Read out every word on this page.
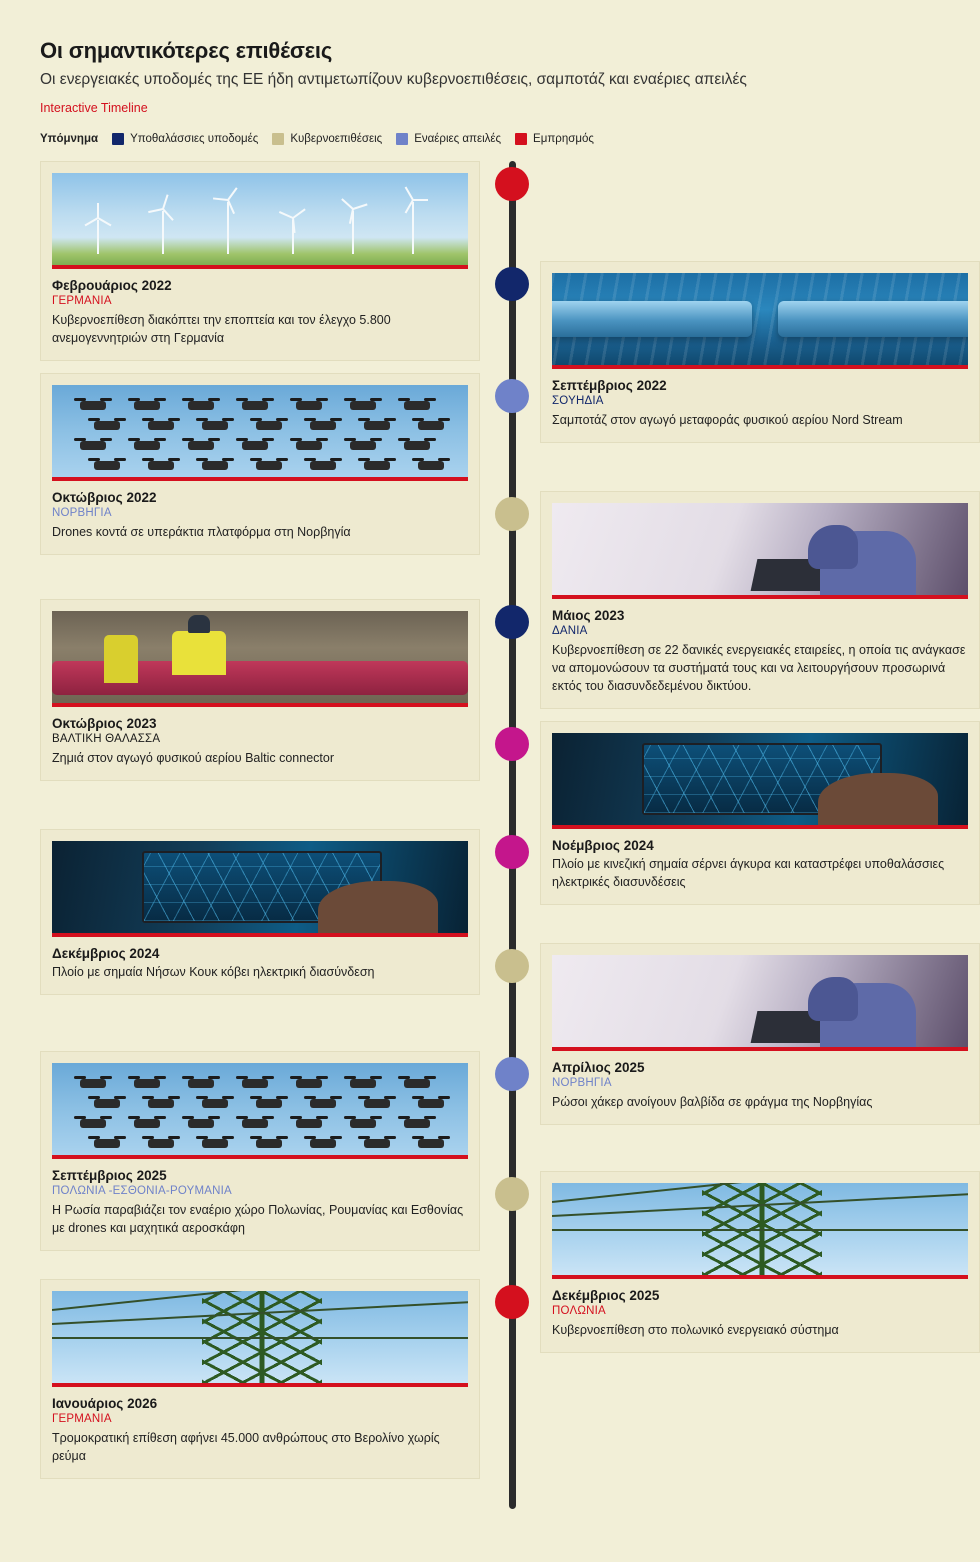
Οι σημαντικότερες επιθέσεις

Οι ενεργειακές υποδομές της ΕΕ ήδη αντιμετωπίζουν κυβερνοεπιθέσεις, σαμποτάζ και εναέριες απειλές

Interactive Timeline

Υπόμνημα	Υποθαλάσσιες υποδομές	Κυβερνοεπιθέσεις	Εναέριες απειλές	Εμπρησμός
Φεβρουάριος 2022
ΓΕΡΜΑΝΙΑ
Κυβερνοεπίθεση διακόπτει την εποπτεία και τον έλεγχο 5.800 ανεμογεννητριών στη Γερμανία
Σεπτέμβριος 2022
ΣΟΥΗΔΙΑ
Σαμποτάζ στον αγωγό μεταφοράς φυσικού αερίου Nord Stream
Οκτώβριος 2022
ΝΟΡΒΗΓΙΑ
Drones κοντά σε υπεράκτια πλατφόρμα στη Νορβηγία
Μάιος 2023
ΔΑΝΙΑ
Κυβερνοεπίθεση σε 22 δανικές ενεργειακές εταιρείες, η οποία τις ανάγκασε να απομονώσουν τα συστήματά τους και να λειτουργήσουν προσωρινά εκτός του διασυνδεδεμένου δικτύου.
Οκτώβριος 2023
ΒΑΛΤΙΚΗ ΘΑΛΑΣΣΑ
Ζημιά στον αγωγό φυσικού αερίου Baltic connector
Νοέμβριος 2024
Πλοίο με κινεζική σημαία σέρνει άγκυρα και καταστρέφει υποθαλάσσιες ηλεκτρικές διασυνδέσεις
Δεκέμβριος 2024
Πλοίο με σημαία Νήσων Κουκ κόβει ηλεκτρική διασύνδεση
Απρίλιος 2025
ΝΟΡΒΗΓΙΑ
Ρώσοι χάκερ ανοίγουν βαλβίδα σε φράγμα της Νορβηγίας
Σεπτέμβριος 2025
ΠΟΛΩΝΙΑ -ΕΣΘΟΝΙΑ-ΡΟΥΜΑΝΙΑ
Η Ρωσία παραβιάζει τον εναέριο χώρο Πολωνίας, Ρουμανίας και Εσθονίας με drones και μαχητικά αεροσκάφη
Δεκέμβριος 2025
ΠΟΛΩΝΙΑ
Κυβερνοεπίθεση στο πολωνικό ενεργειακό σύστημα
Ιανουάριος 2026
ΓΕΡΜΑΝΙΑ
Τρομοκρατική επίθεση αφήνει 45.000 ανθρώπους στο Βερολίνο χωρίς ρεύμα
